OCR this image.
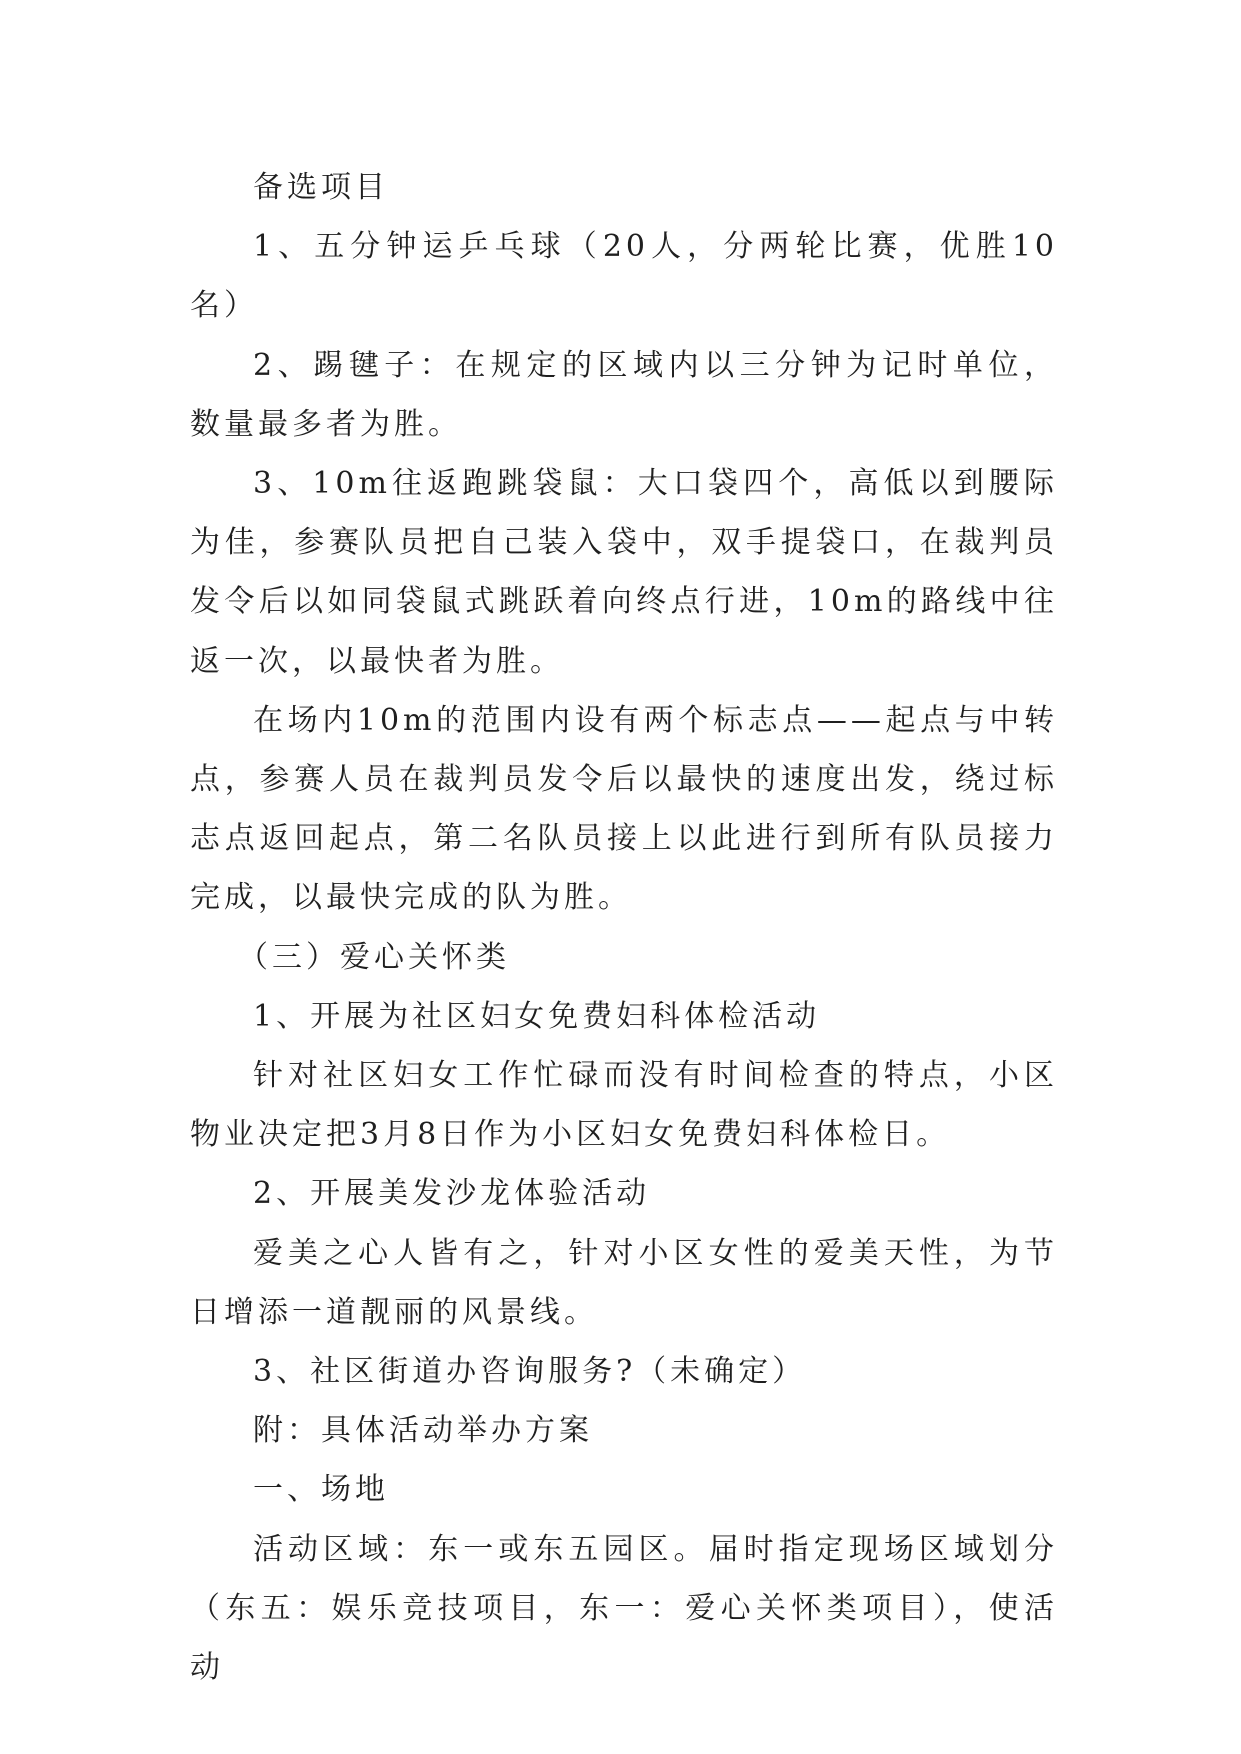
备选项目

1、五分钟运乒乓球（20人，分两轮比赛，优胜10名）

2、踢毽子：在规定的区域内以三分钟为记时单位，数量最多者为胜。

3、10m往返跑跳袋鼠：大口袋四个，高低以到腰际为佳，参赛队员把自己装入袋中，双手提袋口，在裁判员发令后以如同袋鼠式跳跃着向终点行进，10m的路线中往返一次，以最快者为胜。

在场内10m的范围内设有两个标志点——起点与中转点，参赛人员在裁判员发令后以最快的速度出发，绕过标志点返回起点，第二名队员接上以此进行到所有队员接力完成，以最快完成的队为胜。

（三）爱心关怀类

1、开展为社区妇女免费妇科体检活动

针对社区妇女工作忙碌而没有时间检查的特点，小区物业决定把3月8日作为小区妇女免费妇科体检日。

2、开展美发沙龙体验活动

爱美之心人皆有之，针对小区女性的爱美天性，为节日增添一道靓丽的风景线。

3、社区街道办咨询服务?（未确定）

附：具体活动举办方案

一、场地

活动区域：东一或东五园区。届时指定现场区域划分（东五：娱乐竞技项目，东一：爱心关怀类项目），使活动
